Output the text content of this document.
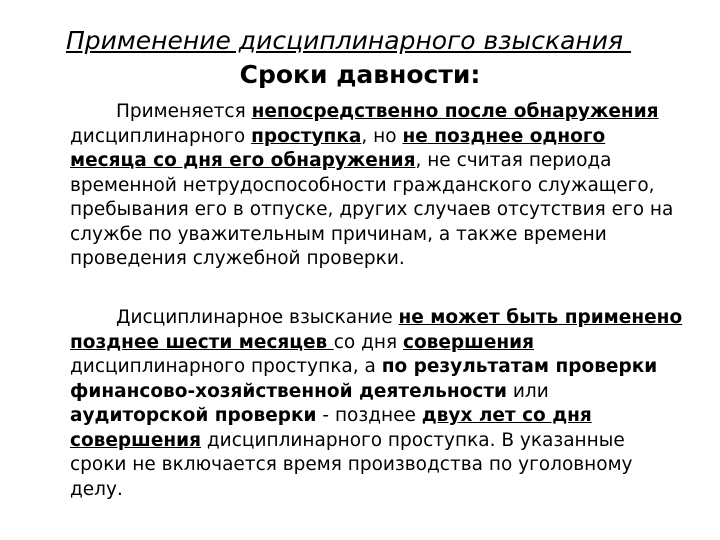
Применение дисциплинарного взыскания
Сроки давности:

Применяется непосредственно после обнаружения дисциплинарного проступка, но не позднее одного месяца со дня его обнаружения, не считая периода временной нетрудоспособности гражданского служащего, пребывания его в отпуске, других случаев отсутствия его на службе по уважительным причинам, а также времени проведения служебной проверки.

Дисциплинарное взыскание не может быть применено позднее шести месяцев со дня совершения дисциплинарного проступка, а по результатам проверки финансово-хозяйственной деятельности или аудиторской проверки - позднее двух лет со дня совершения дисциплинарного проступка. В указанные сроки не включается время производства по уголовному делу.
